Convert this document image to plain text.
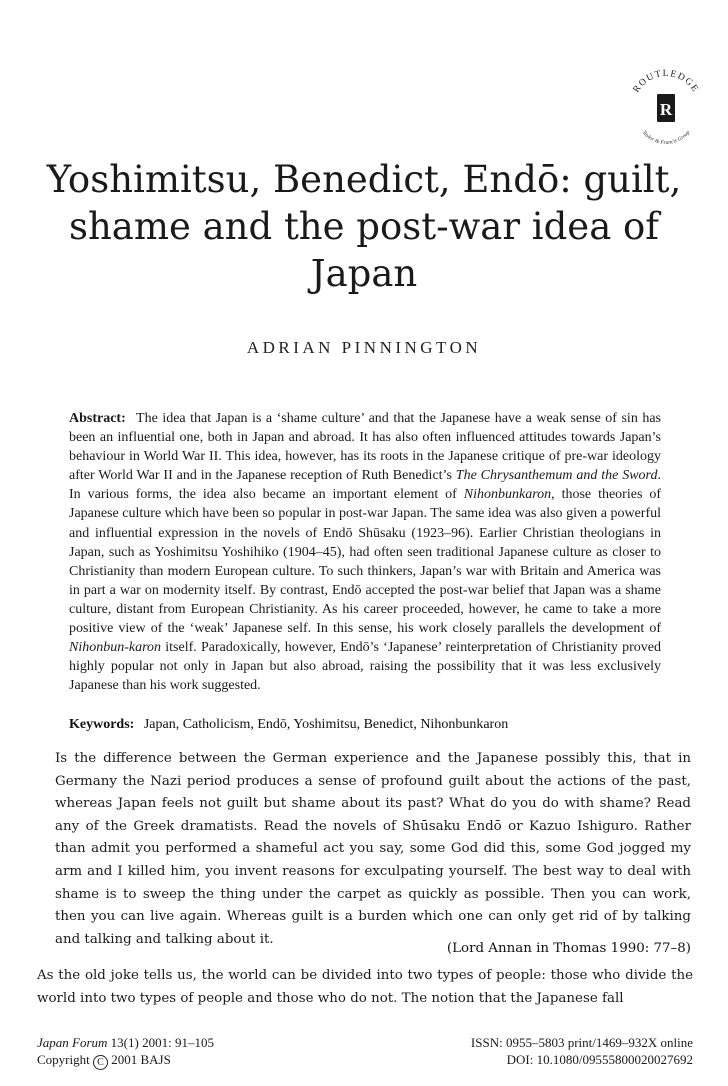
ROUTLEDGE
Taylor & Francis Group
R
Yoshimitsu, Benedict, Endō: guilt, shame and the post-war idea of Japan
ADRIAN PINNINGTON

Abstract: The idea that Japan is a ‘shame culture’ and that the Japanese have a weak sense of sin has been an influential one, both in Japan and abroad. It has also often influenced attitudes towards Japan’s behaviour in World War II. This idea, however, has its roots in the Japanese critique of pre-war ideology after World War II and in the Japanese reception of Ruth Benedict’s The Chrysanthemum and the Sword. In various forms, the idea also became an important element of Nihonbunkaron, those theories of Japanese culture which have been so popular in post-war Japan. The same idea was also given a powerful and influential expression in the novels of Endō Shūsaku (1923–96). Earlier Christian theologians in Japan, such as Yoshimitsu Yoshihiko (1904–45), had often seen traditional Japanese culture as closer to Christianity than modern European culture. To such thinkers, Japan’s war with Britain and America was in part a war on modernity itself. By contrast, Endō accepted the post-war belief that Japan was a shame culture, distant from European Christianity. As his career proceeded, however, he came to take a more positive view of the ‘weak’ Japanese self. In this sense, his work closely parallels the development of Nihonbun-karon itself. Paradoxically, however, Endō’s ‘Japanese’ reinterpretation of Christianity proved highly popular not only in Japan but also abroad, raising the possibility that it was less exclusively Japanese than his work suggested.

Keywords: Japan, Catholicism, Endō, Yoshimitsu, Benedict, Nihonbunkaron

Is the difference between the German experience and the Japanese possibly this, that in Germany the Nazi period produces a sense of profound guilt about the actions of the past, whereas Japan feels not guilt but shame about its past? What do you do with shame? Read any of the Greek dramatists. Read the novels of Shūsaku Endō or Kazuo Ishiguro. Rather than admit you performed a shameful act you say, some God did this, some God jogged my arm and I killed him, you invent reasons for exculpating yourself. The best way to deal with shame is to sweep the thing under the carpet as quickly as possible. Then you can work, then you can live again. Whereas guilt is a burden which one can only get rid of by talking and talking and talking about it.

(Lord Annan in Thomas 1990: 77–8)

As the old joke tells us, the world can be divided into two types of people: those who divide the world into two types of people and those who do not. The notion that the Japanese fall

Japan Forum 13(1) 2001: 91–105
Copyright C 2001 BAJS
ISSN: 0955–5803 print/1469–932X online
DOI: 10.1080/09555800020027692
